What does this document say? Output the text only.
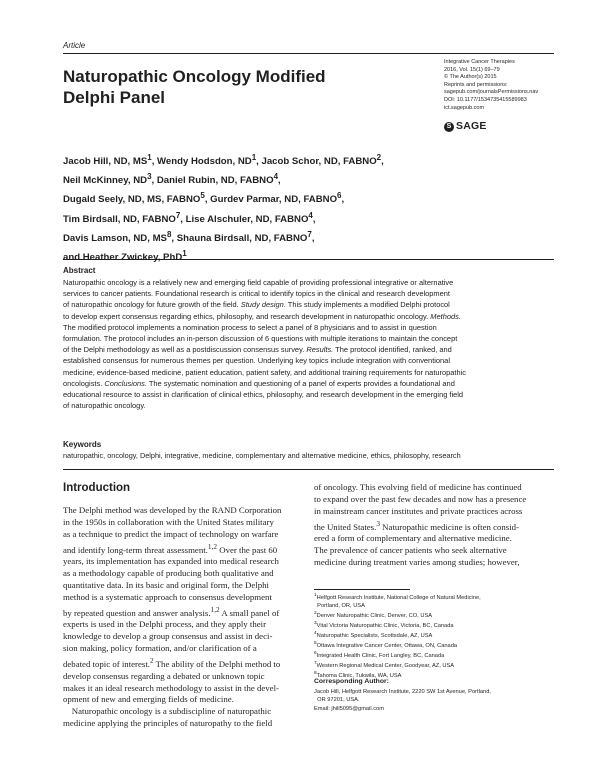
Article
Naturopathic Oncology Modified
Delphi Panel
Integrative Cancer Therapies
2016, Vol. 15(1) 69–79
© The Author(s) 2015
Reprints and permissions:
sagepub.com/journalsPermissions.nav
DOI: 10.1177/1534735415589983
ict.sagepub.com
S SAGE
Jacob Hill, ND, $MS^1$, Wendy Hodsdon, $ND^1$, Jacob Schor, ND, FABNO$^2$,
Neil McKinney, $ND^3$, Daniel Rubin, ND, FABNO$^4$,
Dugald Seely, ND, MS, FABNO$^5$, Gurdev Parmar, ND, FABNO$^6$,
Tim Birdsall, ND, FABNO$^7$, Lise Alschuler, ND, FABNO$^4$,
Davis Lamson, ND, $MS^8$, Shauna Birdsall, ND, FABNO$^7$,
and Heather Zwickey, PhD$^1$
Abstract
Naturopathic oncology is a relatively new and emerging field capable of providing professional integrative or alternative
services to cancer patients. Foundational research is critical to identify topics in the clinical and research development
of naturopathic oncology for future growth of the field. Study design. This study implements a modified Delphi protocol
to develop expert consensus regarding ethics, philosophy, and research development in naturopathic oncology. Methods.
The modified protocol implements a nomination process to select a panel of 8 physicians and to assist in question
formulation. The protocol includes an in-person discussion of 6 questions with multiple iterations to maintain the concept
of the Delphi methodology as well as a postdiscussion consensus survey. Results. The protocol identified, ranked, and
established consensus for numerous themes per question. Underlying key topics include integration with conventional
medicine, evidence-based medicine, patient education, patient safety, and additional training requirements for naturopathic
oncologists. Conclusions. The systematic nomination and questioning of a panel of experts provides a foundational and
educational resource to assist in clarification of clinical ethics, philosophy, and research development in the emerging field
of naturopathic oncology.
Keywords
naturopathic, oncology, Delphi, integrative, medicine, complementary and alternative medicine, ethics, philosophy, research
Introduction
The Delphi method was developed by the RAND Corporation
in the 1950s in collaboration with the United States military
as a technique to predict the impact of technology on warfare
and identify long-term threat assessment.$^{1,2}$ Over the past 60
years, its implementation has expanded into medical research
as a methodology capable of producing both qualitative and
quantitative data. In its basic and original form, the Delphi
method is a systematic approach to consensus development
by repeated question and answer analysis.$^{1,2}$ A small panel of
experts is used in the Delphi process, and they apply their
knowledge to develop a group consensus and assist in deci-
sion making, policy formation, and/or clarification of a
debated topic of interest.$^2$ The ability of the Delphi method to
develop consensus regarding a debated or unknown topic
makes it an ideal research methodology to assist in the devel-
opment of new and emerging fields of medicine.
Naturopathic oncology is a subdiscipline of naturopathic
medicine applying the principles of naturopathy to the field
of oncology. This evolving field of medicine has continued
to expand over the past few decades and now has a presence
in mainstream cancer institutes and private practices across
the United States.$^3$ Naturopathic medicine is often consid-
ered a form of complementary and alternative medicine.
The prevalence of cancer patients who seek alternative
medicine during treatment varies among studies; however,
$^1$Helfgott Research Institute, National College of Natural Medicine,
Portland, OR, USA
$^2$Denver Naturopathic Clinic, Denver, CO, USA
$^3$Vital Victoria Naturopathic Clinic, Victoria, BC, Canada
$^4$Naturopathic Specialists, Scottsdale, AZ, USA
$^5$Ottawa Integrative Cancer Center, Ottawa, ON, Canada
$^6$Integrated Health Clinic, Fort Langley, BC, Canada
$^7$Western Regional Medical Center, Goodyear, AZ, USA
$^8$Tahoma Clinic, Tukwila, WA, USA
Corresponding Author:
Jacob Hill, Helfgott Research Institute, 2220 SW 1st Avenue, Portland,
OR 97201, USA.
Email: jhill5095@gmail.com
